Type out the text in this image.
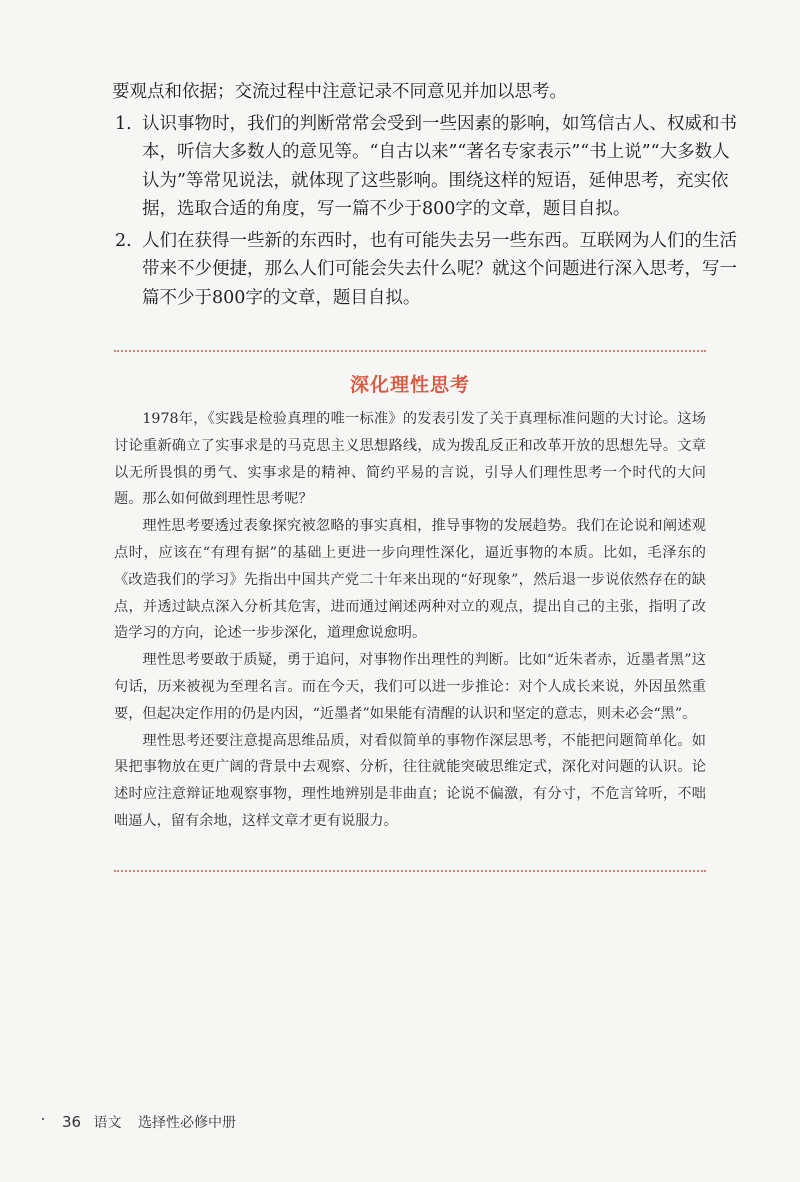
要观点和依据；交流过程中注意记录不同意见并加以思考。

1. 认识事物时，我们的判断常常会受到一些因素的影响，如笃信古人、权威和书本，听信大多数人的意见等。“自古以来”“著名专家表示”“书上说”“大多数人认为”等常见说法，就体现了这些影响。围绕这样的短语，延伸思考，充实依据，选取合适的角度，写一篇不少于800字的文章，题目自拟。

2. 人们在获得一些新的东西时，也有可能失去另一些东西。互联网为人们的生活带来不少便捷，那么人们可能会失去什么呢？就这个问题进行深入思考，写一篇不少于800字的文章，题目自拟。

深化理性思考

1978年，《实践是检验真理的唯一标准》的发表引发了关于真理标准问题的大讨论。这场讨论重新确立了实事求是的马克思主义思想路线，成为拨乱反正和改革开放的思想先导。文章以无所畏惧的勇气、实事求是的精神、简约平易的言说，引导人们理性思考一个时代的大问题。那么如何做到理性思考呢？

理性思考要透过表象探究被忽略的事实真相，推导事物的发展趋势。我们在论说和阐述观点时，应该在“有理有据”的基础上更进一步向理性深化，逼近事物的本质。比如，毛泽东的《改造我们的学习》先指出中国共产党二十年来出现的“好现象”，然后退一步说依然存在的缺点，并透过缺点深入分析其危害，进而通过阐述两种对立的观点，提出自己的主张，指明了改造学习的方向，论述一步步深化，道理愈说愈明。

理性思考要敢于质疑，勇于追问，对事物作出理性的判断。比如“近朱者赤，近墨者黑”这句话，历来被视为至理名言。而在今天，我们可以进一步推论：对个人成长来说，外因虽然重要，但起决定作用的仍是内因，“近墨者”如果能有清醒的认识和坚定的意志，则未必会“黑”。

理性思考还要注意提高思维品质，对看似简单的事物作深层思考，不能把问题简单化。如果把事物放在更广阔的背景中去观察、分析，往往就能突破思维定式，深化对问题的认识。论述时应注意辩证地观察事物，理性地辨别是非曲直；论说不偏激，有分寸，不危言耸听，不咄咄逼人，留有余地，这样文章才更有说服力。

36 语文 选择性必修中册
